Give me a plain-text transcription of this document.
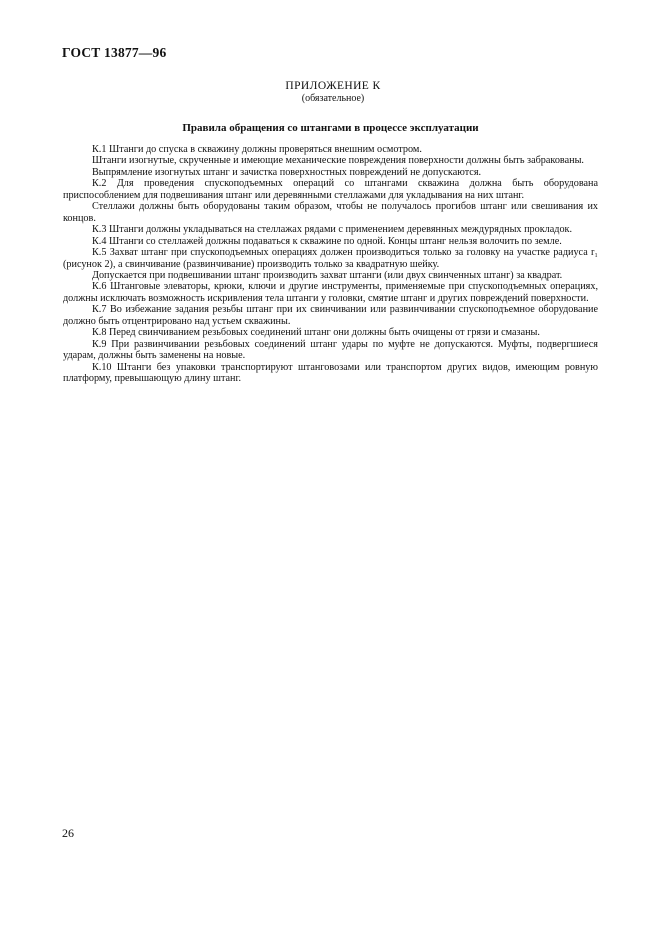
ГОСТ 13877—96
ПРИЛОЖЕНИЕ К
(обязательное)
Правила обращения со штангами в процессе эксплуатации

К.1 Штанги до спуска в скважину должны проверяться внешним осмотром.

Штанги изогнутые, скрученные и имеющие механические повреждения поверхности должны быть забракованы.

Выпрямление изогнутых штанг и зачистка поверхностных повреждений не допускаются.

К.2 Для проведения спускоподъемных операций со штангами скважина должна быть оборудована приспособлением для подвешивания штанг или деревянными стеллажами для укладывания на них штанг.

Стеллажи должны быть оборудованы таким образом, чтобы не получалось прогибов штанг или свешивания их концов.

К.3 Штанги должны укладываться на стеллажах рядами с применением деревянных междурядных прокладок.

К.4 Штанги со стеллажей должны подаваться к скважине по одной. Концы штанг нельзя волочить по земле.

К.5 Захват штанг при спускоподъемных операциях должен производиться только за головку на участке радиуса r₁ (рисунок 2), а свинчивание (развинчивание) производить только за квадратную шейку.

Допускается при подвешивании штанг производить захват штанги (или двух свинченных штанг) за квадрат.

К.6 Штанговые элеваторы, крюки, ключи и другие инструменты, применяемые при спускоподъемных операциях, должны исключать возможность искривления тела штанги у головки, смятие штанг и других повреждений поверхности.

К.7 Во избежание задания резьбы штанг при их свинчивании или развинчивании спускоподъемное оборудование должно быть отцентрировано над устьем скважины.

К.8 Перед свинчиванием резьбовых соединений штанг они должны быть очищены от грязи и смазаны.

К.9 При развинчивании резьбовых соединений штанг удары по муфте не допускаются. Муфты, подвергшиеся ударам, должны быть заменены на новые.

К.10 Штанги без упаковки транспортируют штанговозами или транспортом других видов, имеющим ровную платформу, превышающую длину штанг.

26
